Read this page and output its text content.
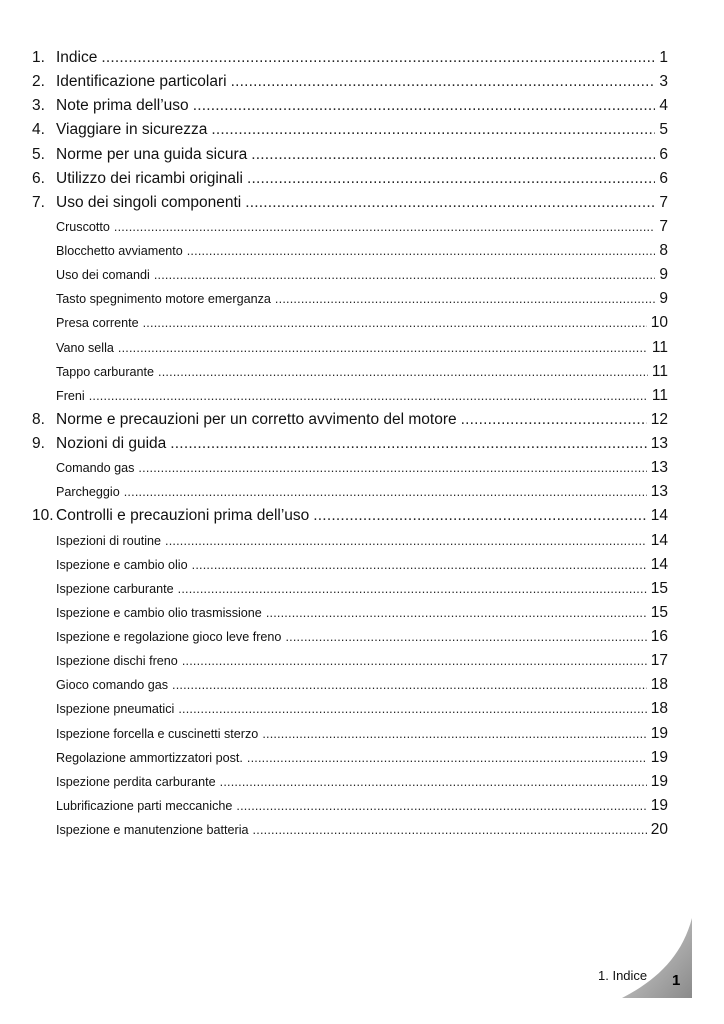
1. Indice .....	1
2. Identificazione particolari .....	3
3. Note prima dell’uso .....	4
4. Viaggiare in sicurezza .....	5
5. Norme per una guida sicura .....	6
6. Utilizzo dei ricambi originali .....	6
7. Uso dei singoli componenti .....	7
Cruscotto .....	7
Blocchetto avviamento .....	8
Uso dei comandi .....	9
Tasto spegnimento motore emerganza .....	9
Presa corrente .....	10
Vano sella .....	11
Tappo carburante .....	11
Freni .....	11
8. Norme e precauzioni per un corretto avvimento del motore .....	12
9. Nozioni di guida .....	13
Comando gas .....	13
Parcheggio .....	13
10. Controlli e precauzioni prima dell’uso .....	14
Ispezioni di routine .....	14
Ispezione e cambio olio .....	14
Ispezione carburante .....	15
Ispezione e cambio olio trasmissione .....	15
Ispezione e regolazione gioco leve freno .....	16
Ispezione dischi freno .....	17
Gioco comando gas .....	18
Ispezione pneumatici .....	18
Ispezione forcella e cuscinetti sterzo .....	19
Regolazione ammortizzatori post. .....	19
Ispezione perdita carburante .....	19
Lubrificazione parti meccaniche .....	19
Ispezione e manutenzione batteria .....	20
1. Indice 1
